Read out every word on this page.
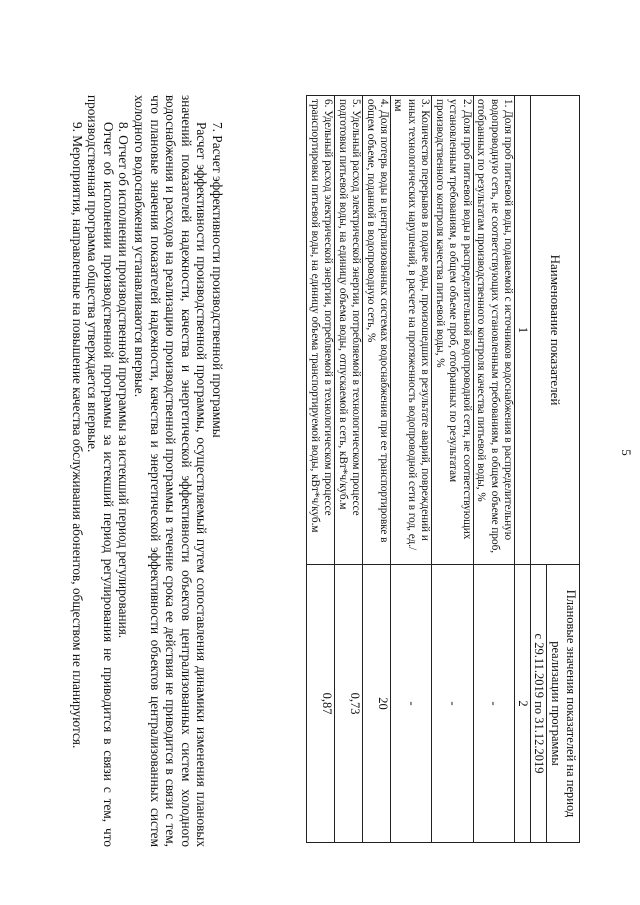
5
Наименование показателей	Плановые значения показателей на период реализации программы
	с 29.11.2019 по 31.12.2019
1	2
1. Доля проб питьевой воды, подаваемой с источников водоснабжения в распределительную водопроводную сеть, не соответствующих установленным требованиям, в общем объеме проб, отобранных по результатам производственного контроля качества питьевой воды, %	-
2. Доля проб питьевой воды в распределительной водопроводной сети, не соответствующих установленным требованиям, в общем объеме проб, отобранных по результатам производственного контроля качества питьевой воды, %	-
3. Количество перерывов в подаче воды, произошедших в результате аварий, повреждений и иных технологических нарушений, в расчете на протяженность водопроводной сети в год, ед./км	-
4. Доля потерь воды в централизованных системах водоснабжения при ее транспортировке в общем объеме, поданной в водопроводную сеть, %	20
5. Удельный расход электрической энергии, потребляемой в технологическом процессе подготовки питьевой воды, на единицу объема воды, отпускаемой в сеть, кВт*ч/куб.м	0,73
6. Удельный расход электрической энергии, потребляемой в технологическом процессе транспортировки питьевой воды, на единицу объема транспортируемой воды, кВт*ч/куб.м	0,87

7. Расчет эффективности производственной программы

Расчет эффективности производственной программы, осуществляемый путем сопоставления динамики изменения плановых значений показателей надежности, качества и энергетической эффективности объектов централизованных систем холодного водоснабжения и расходов на реализацию производственной программы в течение срока ее действия не приводится в связи с тем, что плановые значения показателей надежности, качества и энергетической эффективности объектов централизованных систем холодного водоснабжения устанавливаются впервые.

8. Отчет об исполнении производственной программы за истекший период регулирования.

Отчет об исполнении производственной программы за истекший период регулирования не приводится в связи с тем, что производственная программа общества утверждается впервые.

9. Мероприятия, направленные на повышение качества обслуживания абонентов, обществом не планируются.
